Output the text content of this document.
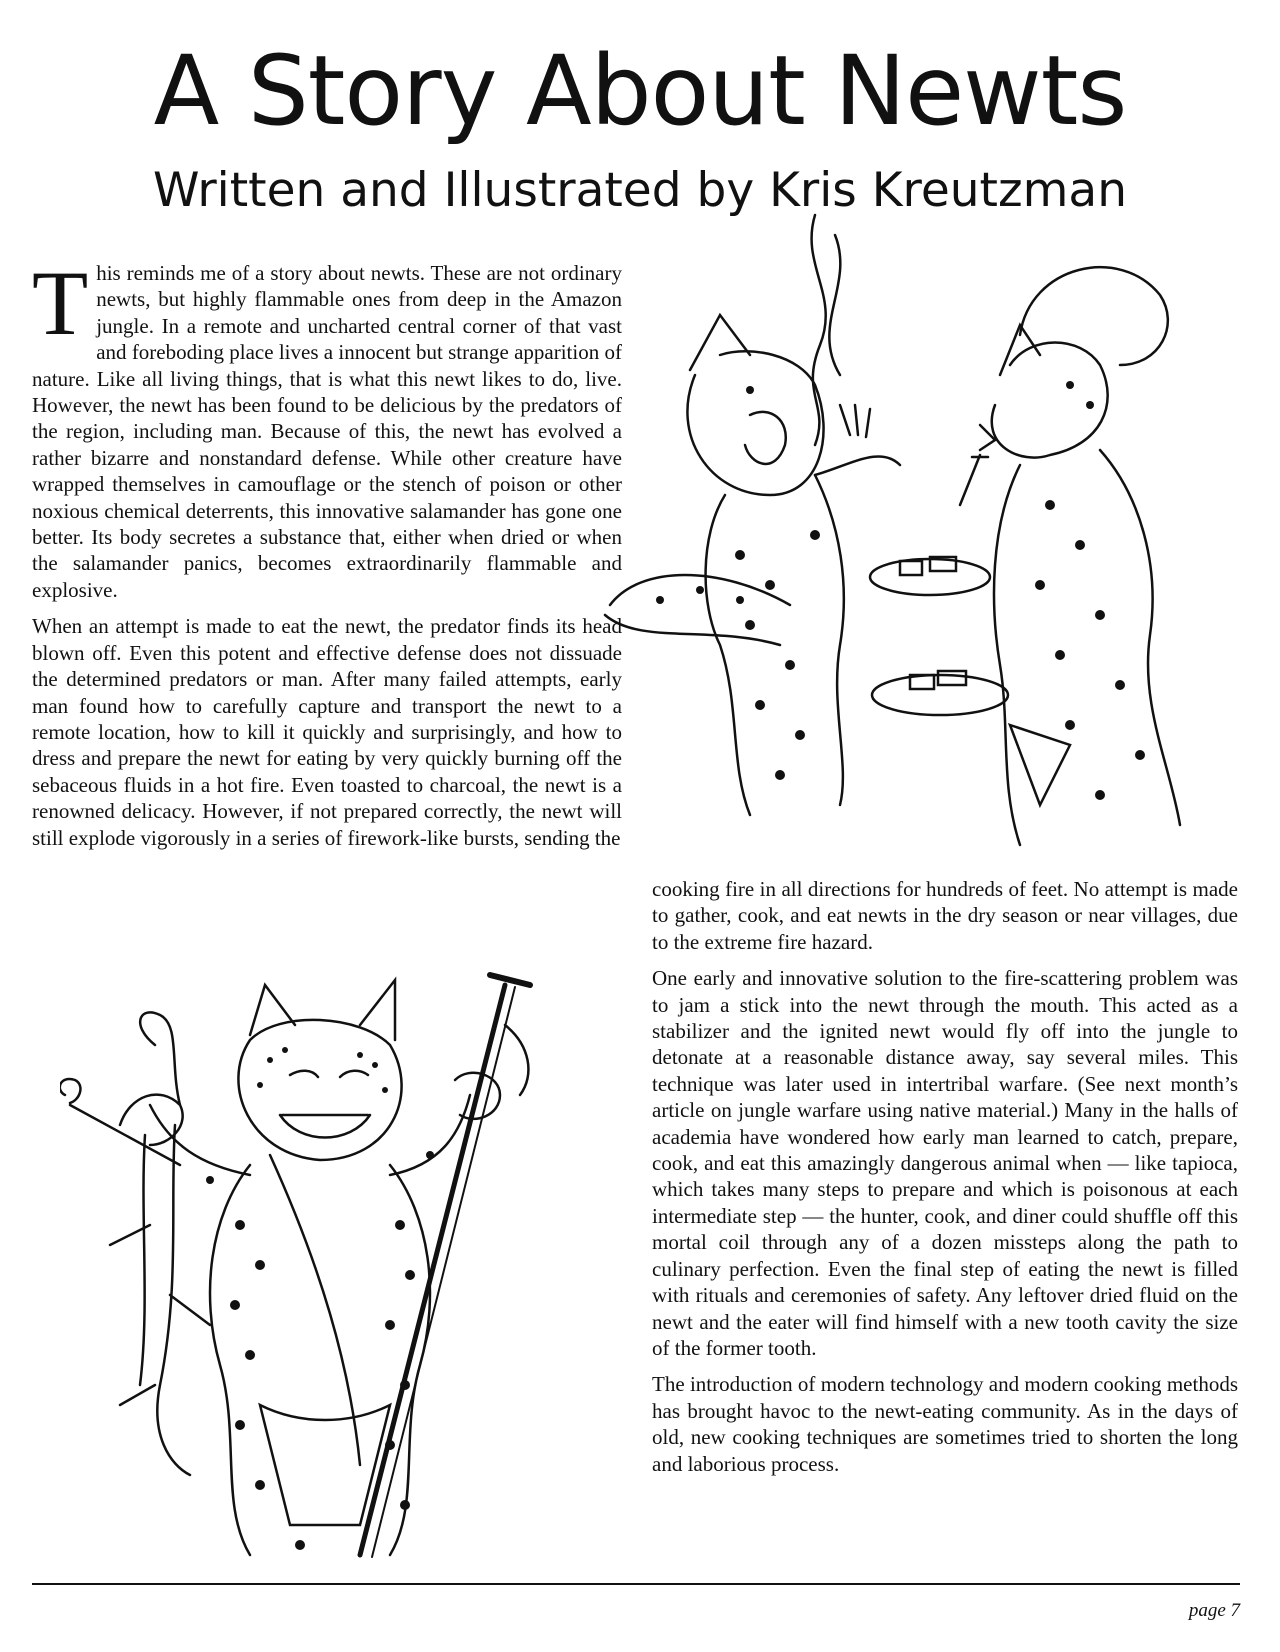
A Story About Newts
Written and Illustrated by Kris Kreutzman

This reminds me of a story about newts. These are not ordinary newts, but highly flammable ones from deep in the Amazon jungle. In a remote and uncharted central corner of that vast and foreboding place lives a innocent but strange apparition of nature. Like all living things, that is what this newt likes to do, live. However, the newt has been found to be delicious by the predators of the region, including man. Because of this, the newt has evolved a rather bizarre and nonstandard defense. While other creature have wrapped themselves in camouflage or the stench of poison or other noxious chemical deterrents, this innovative salamander has gone one better. Its body secretes a substance that, either when dried or when the salamander panics, becomes extraordinarily flammable and explosive.

When an attempt is made to eat the newt, the predator finds its head blown off. Even this potent and effective defense does not dissuade the determined predators or man. After many failed attempts, early man found how to carefully capture and transport the newt to a remote location, how to kill it quickly and surprisingly, and how to dress and prepare the newt for eating by very quickly burning off the sebaceous fluids in a hot fire. Even toasted to charcoal, the newt is a renowned delicacy. However, if not prepared correctly, the newt will still explode vigorously in a series of firework-like bursts, sending the

cooking fire in all directions for hundreds of feet. No attempt is made to gather, cook, and eat newts in the dry season or near villages, due to the extreme fire hazard.

One early and innovative solution to the fire-scattering problem was to jam a stick into the newt through the mouth. This acted as a stabilizer and the ignited newt would fly off into the jungle to detonate at a reasonable distance away, say several miles. This technique was later used in intertribal warfare. (See next month’s article on jungle warfare using native material.) Many in the halls of academia have wondered how early man learned to catch, prepare, cook, and eat this amazingly dangerous animal when — like tapioca, which takes many steps to prepare and which is poisonous at each intermediate step — the hunter, cook, and diner could shuffle off this mortal coil through any of a dozen missteps along the path to culinary perfection. Even the final step of eating the newt is filled with rituals and ceremonies of safety. Any leftover dried fluid on the newt and the eater will find himself with a new tooth cavity the size of the former tooth.

The introduction of modern technology and modern cooking methods has brought havoc to the newt-eating community. As in the days of old, new cooking techniques are sometimes tried to shorten the long and laborious process.

page 7
